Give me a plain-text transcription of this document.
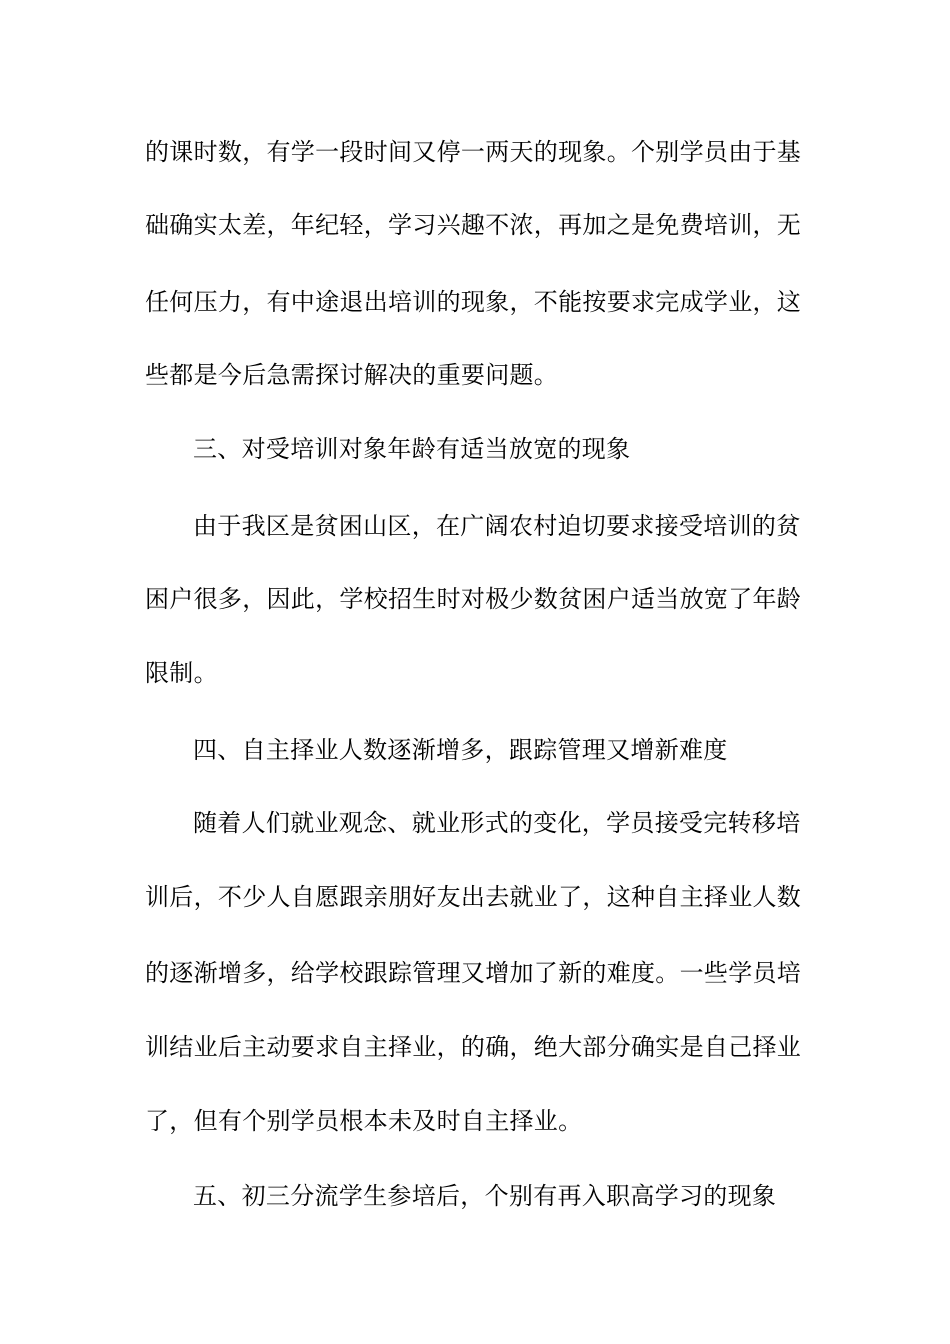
的课时数，有学一段时间又停一两天的现象。个别学员由于基
础确实太差，年纪轻，学习兴趣不浓，再加之是免费培训，无
任何压力，有中途退出培训的现象，不能按要求完成学业，这
些都是今后急需探讨解决的重要问题。
三、对受培训对象年龄有适当放宽的现象
由于我区是贫困山区，在广阔农村迫切要求接受培训的贫
困户很多，因此，学校招生时对极少数贫困户适当放宽了年龄
限制。
四、自主择业人数逐渐增多，跟踪管理又增新难度
随着人们就业观念、就业形式的变化，学员接受完转移培
训后，不少人自愿跟亲朋好友出去就业了，这种自主择业人数
的逐渐增多，给学校跟踪管理又增加了新的难度。一些学员培
训结业后主动要求自主择业，的确，绝大部分确实是自己择业
了，但有个别学员根本未及时自主择业。
五、初三分流学生参培后，个别有再入职高学习的现象
